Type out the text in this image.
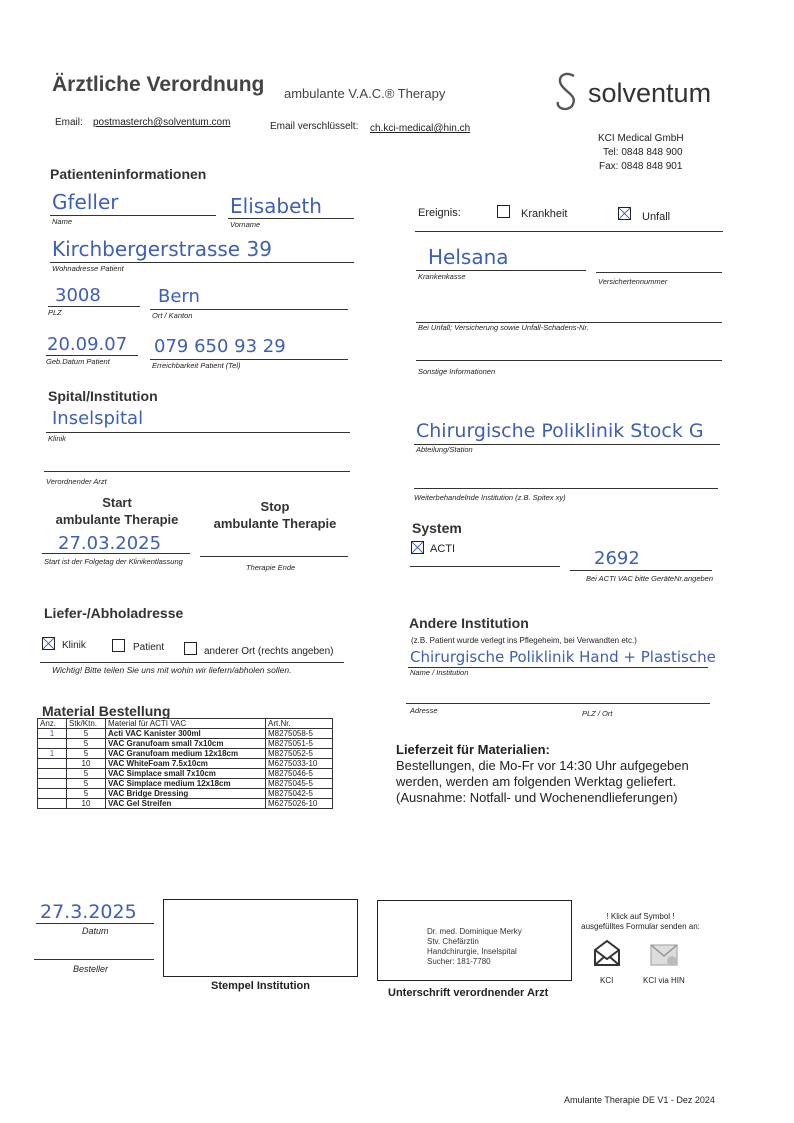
Ärztliche Verordnung ambulante V.A.C.® Therapy	solventum
Email: postmasterch@solventum.com	Email verschlüsselt: ch.kci-medical@hin.ch
KCI Medical GmbH
Tel: 0848 848 900
Fax: 0848 848 901
Patienteninformationen
Gfeller
Name
Elisabeth
Vorname
Kirchbergerstrasse 39
Wohnadresse Patient
3008
PLZ
Bern
Ort / Kanton
20.09.07
Geb.Datum Patient
079 650 93 29
Erreichbarkeit Patient (Tel)
Ereignis:	Krankheit	Unfall
Helsana
Krankenkasse
Versichertennummer
Bei Unfall; Versicherung sowie Unfall-Schadens-Nr.
Sonstige Informationen
Spital/Institution
Inselspital
Klinik
Verordnender Arzt
Chirurgische Poliklinik Stock G
Abteilung/Station
Weiterbehandelnde Institution (z.B. Spitex xy)
Start
ambulante Therapie
Stop
ambulante Therapie
27.03.2025
Start ist der Folgetag der Klinikentlassung
Therapie Ende
System
ACTI	2692
Bei ACTI VAC bitte GeräteNr.angeben
Liefer-/Abholadresse
Klinik	Patient	anderer Ort (rechts angeben)
Wichtig! Bitte teilen Sie uns mit wohin wir liefern/abholen sollen.
Andere Institution
(z.B. Patient wurde verlegt ins Pflegeheim, bei Verwandten etc.)
Chirurgische Poliklinik Hand + Plastische
Name / Institution
Adresse	PLZ / Ort
Material Bestellung
Anz.	Stk/Ktn.	Material für ACTI VAC	Art.Nr.
1	5	Acti VAC Kanister 300ml	M8275058-5
	5	VAC Granufoam small 7x10cm	M8275051-5
1	5	VAC Granufoam medium 12x18cm	M8275052-5
	10	VAC WhiteFoam 7.5x10cm	M6275033-10
	5	VAC Simplace small 7x10cm	M8275046-5
	5	VAC Simplace medium 12x18cm	M8275045-5
	5	VAC Bridge Dressing	M8275042-5
	10	VAC Gel Streifen	M6275026-10
Lieferzeit für Materialien:
Bestellungen, die Mo-Fr vor 14:30 Uhr aufgegeben
werden, werden am folgenden Werktag geliefert.
(Ausnahme: Notfall- und Wochenendlieferungen)
27.3.2025
Datum
Besteller
Stempel Institution
Dr. med. Dominique Merky
Stv. Chefärztin
Handchirurgie, Inselspital
Sucher: 181-7780
Unterschrift verordnender Arzt
! Klick auf Symbol !
ausgefülltes Formular senden an:
KCI	KCI via HIN
Amulante Therapie DE V1 - Dez 2024
